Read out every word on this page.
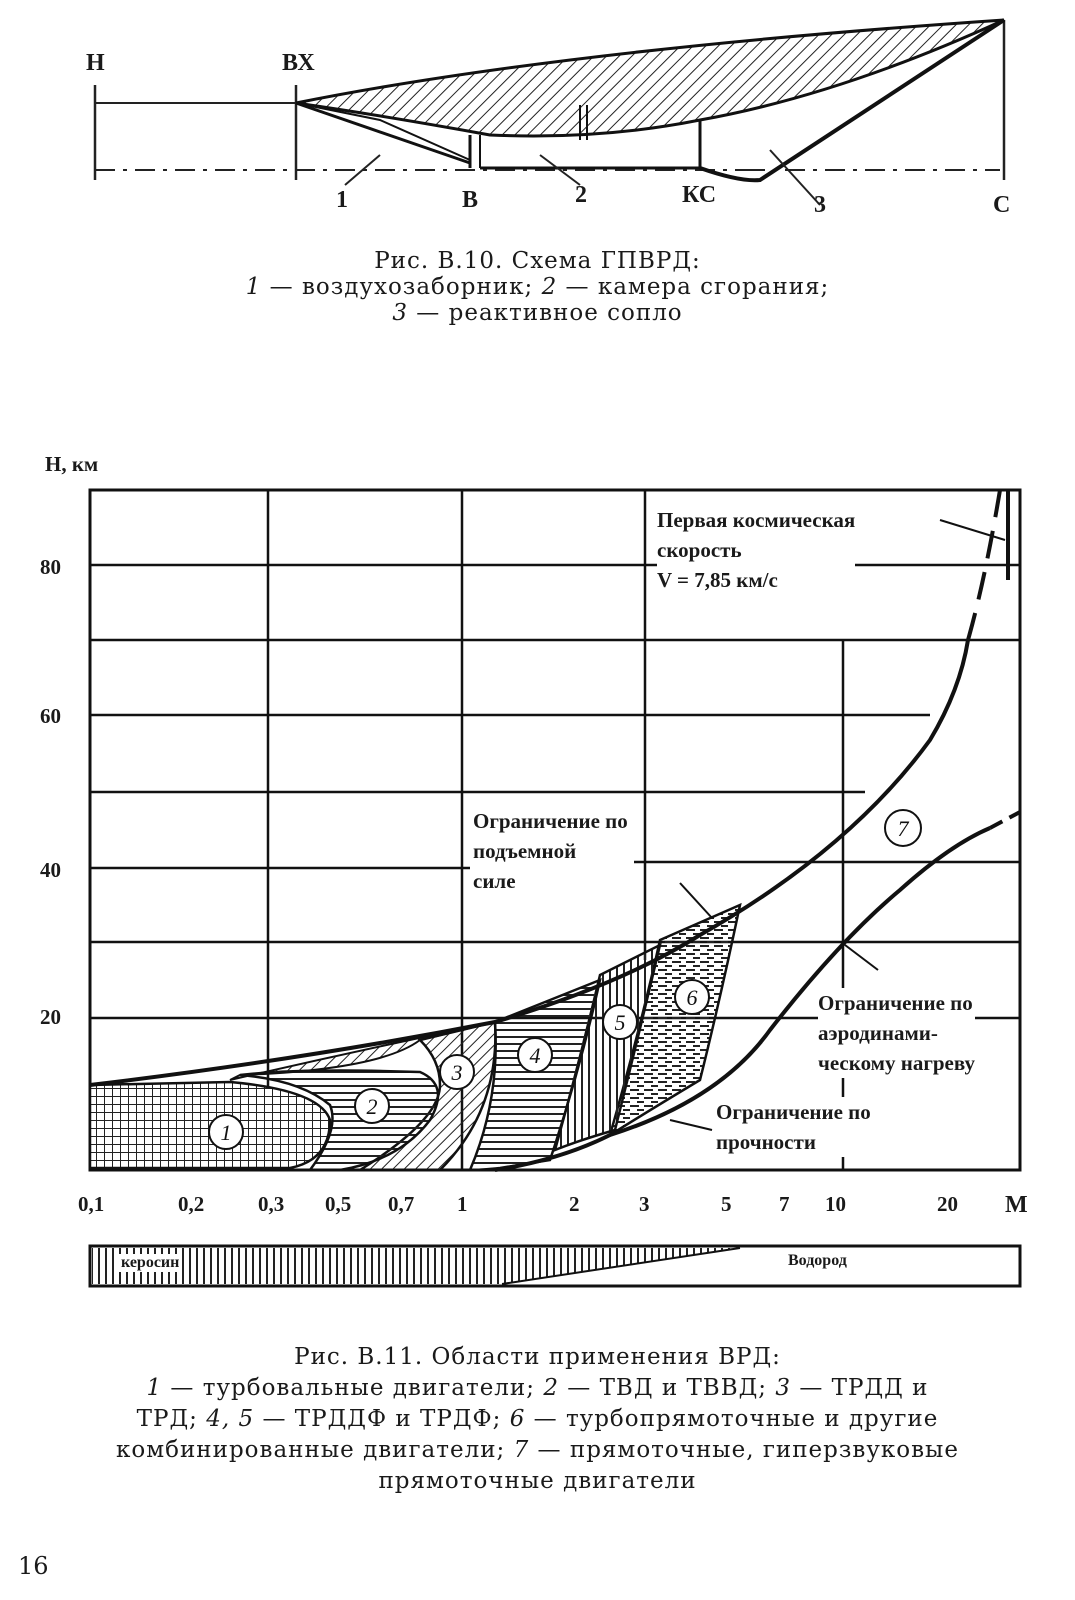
Н	ВХ
1	В	2	КС	3	С
Рис. В.10. Схема ГПВРД:
1 — воздухозаборник; 2 — камера сгорания;
3 — реактивное сопло
1
2
3
4
5
6
7
Н, км
М
80
60
40
20
0,1	0,2	0,3 0,5 0,7 1	2	3	5 7 10	20
Первая космическая
скорость
V = 7,85 км/с
Ограничение по
подъемной
силе
Ограничение по
аэродинами-
ческому нагреву
Ограничение по
прочности
керосин	Водород
Рис. В.11. Области применения ВРД:
1 — турбовальные двигатели; 2 — ТВД и ТВВД; 3 — ТРДД и
ТРД; 4, 5 — ТРДДФ и ТРДФ; 6 — турбопрямоточные и другие
комбинированные двигатели; 7 — прямоточные, гиперзвуковые
прямоточные двигатели
16
